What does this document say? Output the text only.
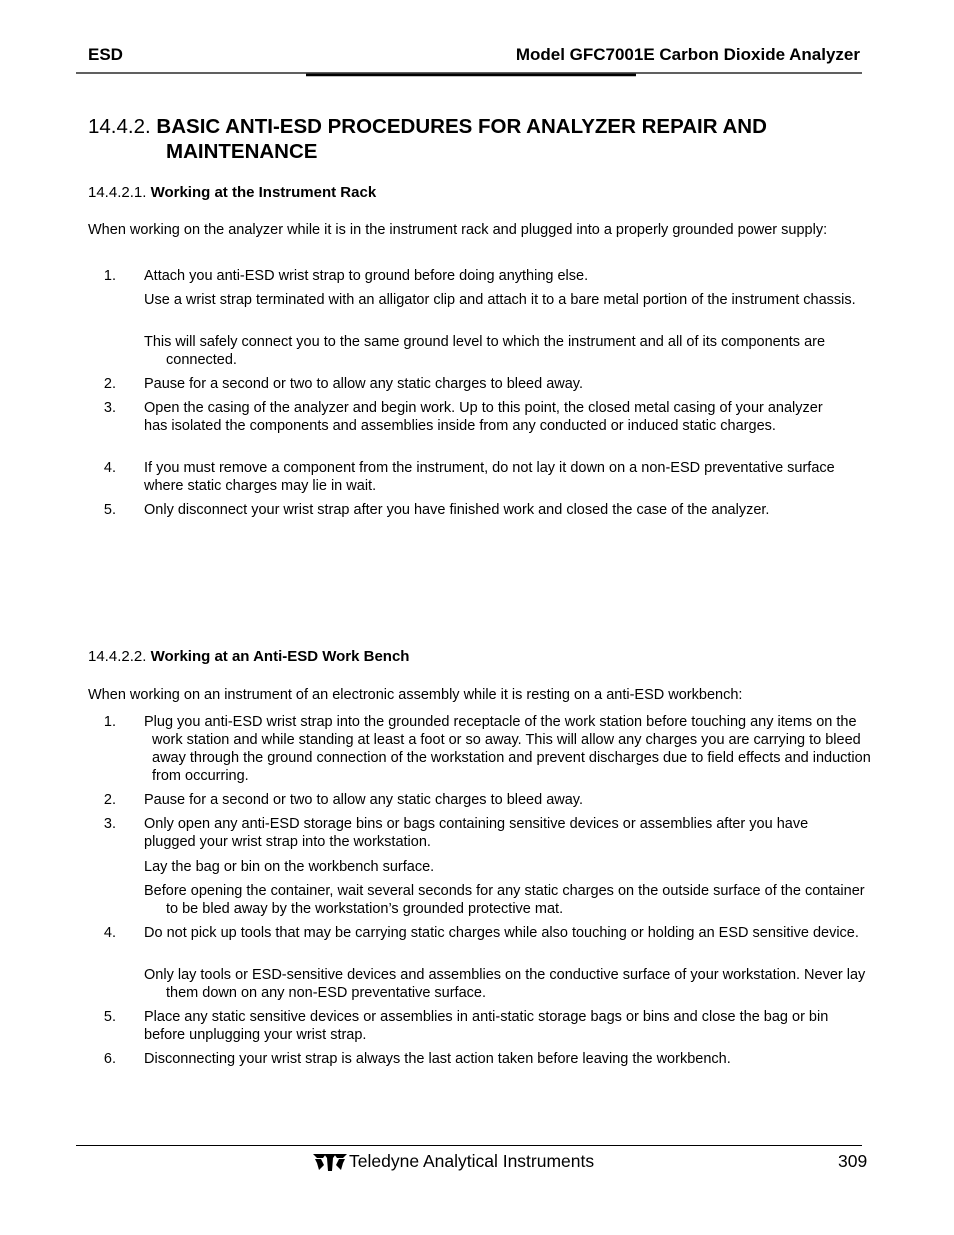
ESD	Model GFC7001E Carbon Dioxide Analyzer
14.4.2. BASIC ANTI-ESD PROCEDURES FOR ANALYZER REPAIR AND
MAINTENANCE
14.4.2.1. Working at the Instrument Rack
When working on the analyzer while it is in the instrument rack and plugged into a properly grounded power supply:
1. Attach you anti-ESD wrist strap to ground before doing anything else.
Use a wrist strap terminated with an alligator clip and attach it to a bare metal portion of the instrument chassis.
This will safely connect you to the same ground level to which the instrument and all of its components are connected.
2. Pause for a second or two to allow any static charges to bleed away.
3. Open the casing of the analyzer and begin work. Up to this point, the closed metal casing of your analyzer has isolated the components and assemblies inside from any conducted or induced static charges.
If you must remove a component from the instrument, do not lay it down on a non-ESD preventative surface where static charges may lie in wait.
4.
5. Only disconnect your wrist strap after you have finished work and closed the case of the analyzer.
14.4.2.2. Working at an Anti-ESD Work Bench
When working on an instrument of an electronic assembly while it is resting on a anti-ESD workbench:
1. Plug you anti-ESD wrist strap into the grounded receptacle of the work station before touching any items on the work station and while standing at least a foot or so away. This will allow any charges you are carrying to bleed away through the ground connection of the workstation and prevent discharges due to field effects and induction from occurring.
2. Pause for a second or two to allow any static charges to bleed away.
3. Only open any anti-ESD storage bins or bags containing sensitive devices or assemblies after you have plugged your wrist strap into the workstation.
Lay the bag or bin on the workbench surface.
Before opening the container, wait several seconds for any static charges on the outside surface of the container to be bled away by the workstation’s grounded protective mat.
4. Do not pick up tools that may be carrying static charges while also touching or holding an ESD sensitive device.
Only lay tools or ESD-sensitive devices and assemblies on the conductive surface of your workstation. Never lay them down on any non-ESD preventative surface.
5. Place any static sensitive devices or assemblies in anti-static storage bags or bins and close the bag or bin before unplugging your wrist strap.
6. Disconnecting your wrist strap is always the last action taken before leaving the workbench.
Teledyne Analytical Instruments	309
